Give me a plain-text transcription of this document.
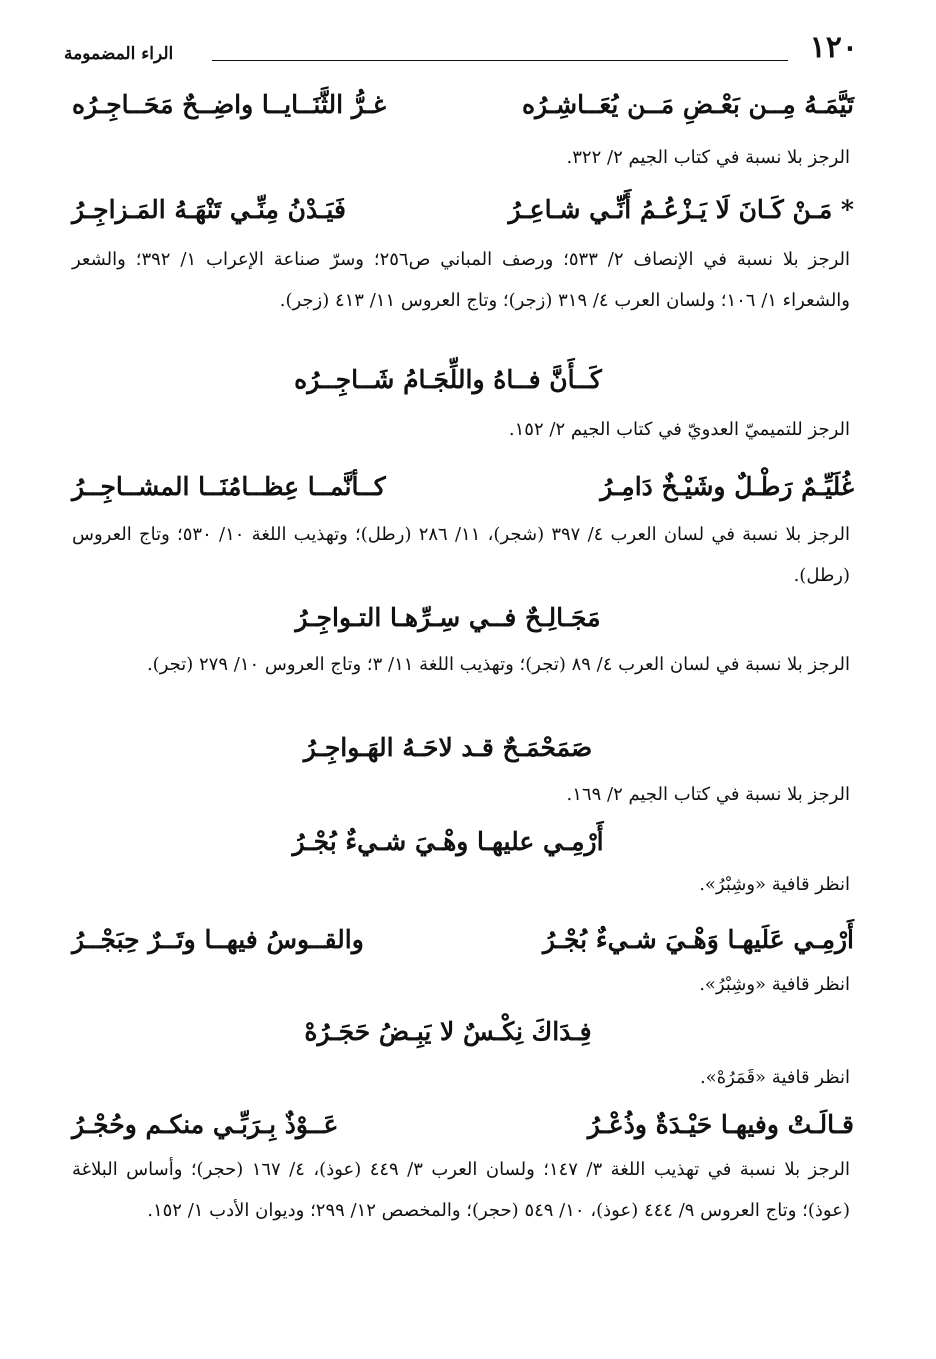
١٢٠
الراء المضمومة
تَيَّمَـهُ مِــن بَعْـضِ مَــن يُعَــاشِـرُه
غـرُّ الثَّنَــايــا واضِــحٌ مَحَــاجِـرُه
الرجز بلا نسبة في كتاب الجيم ٢/ ٣٢٢.
* مَـنْ كَـانَ لَا يَـزْعُـمُ أَنِّـي شـاعِـرُ
فَيَـدْنُ مِنِّـي تَنْهَـهُ المَـزاجِـرُ
الرجز بلا نسبة في الإنصاف ٢/ ٥٣٣؛ ورصف المباني ص٢٥٦؛ وسرّ صناعة الإعراب ١/ ٣٩٢؛ والشعر والشعراء ١/ ١٠٦؛ ولسان العرب ٤/ ٣١٩ (زجر)؛ وتاج العروس ١١/ ٤١٣ (زجر).
كَــأَنَّ فــاهُ واللِّجَـامُ شَــاجِــرُه
الرجز للتميميّ العدويّ في كتاب الجيم ٢/ ١٥٢.
غُلَيِّـمٌ رَطْـلٌ وشَيْـخٌ دَامِـرُ
كــأنَّمــا عِظــامُنَــا المشــاجِــرُ
الرجز بلا نسبة في لسان العرب ٤/ ٣٩٧ (شجر)، ١١/ ٢٨٦ (رطل)؛ وتهذيب اللغة ١٠/ ٥٣٠؛ وتاج العروس (رطل).
مَجَـالِـحٌ فــي سِـرِّهـا التـواجِـرُ
الرجز بلا نسبة في لسان العرب ٤/ ٨٩ (تجر)؛ وتهذيب اللغة ١١/ ٣؛ وتاج العروس ١٠/ ٢٧٩ (تجر).
صَمَحْمَـحٌ قـد لاحَـهُ الهَـواجِـرُ
الرجز بلا نسبة في كتاب الجيم ٢/ ١٦٩.
أَرْمِـي عليهـا وهْـيَ شـيءٌ بُجْـرُ
انظر قافية «وشِبْرُ».
أَرْمِـي عَلَيهـا وَهْـيَ شـيءٌ بُجْـرُ
والقــوسُ فيهــا وتَــرٌ حِبَجْــرُ
انظر قافية «وشِبْرُ».
فِـدَاكَ نِكْـسٌ لا يَبِـضُ حَجَـرُهْ
انظر قافية «قَمَرُهْ».
قـالَـتْ وفيهـا حَيْـدَةٌ وذُعْـرُ
عَــوْذٌ بِـرَبِّـي منكـم وحُجْـرُ
الرجز بلا نسبة في تهذيب اللغة ٣/ ١٤٧؛ ولسان العرب ٣/ ٤٤٩ (عوذ)، ٤/ ١٦٧ (حجر)؛ وأساس البلاغة (عوذ)؛ وتاج العروس ٩/ ٤٤٤ (عوذ)، ١٠/ ٥٤٩ (حجر)؛ والمخصص ١٢/ ٢٩٩؛ وديوان الأدب ١/ ١٥٢.
